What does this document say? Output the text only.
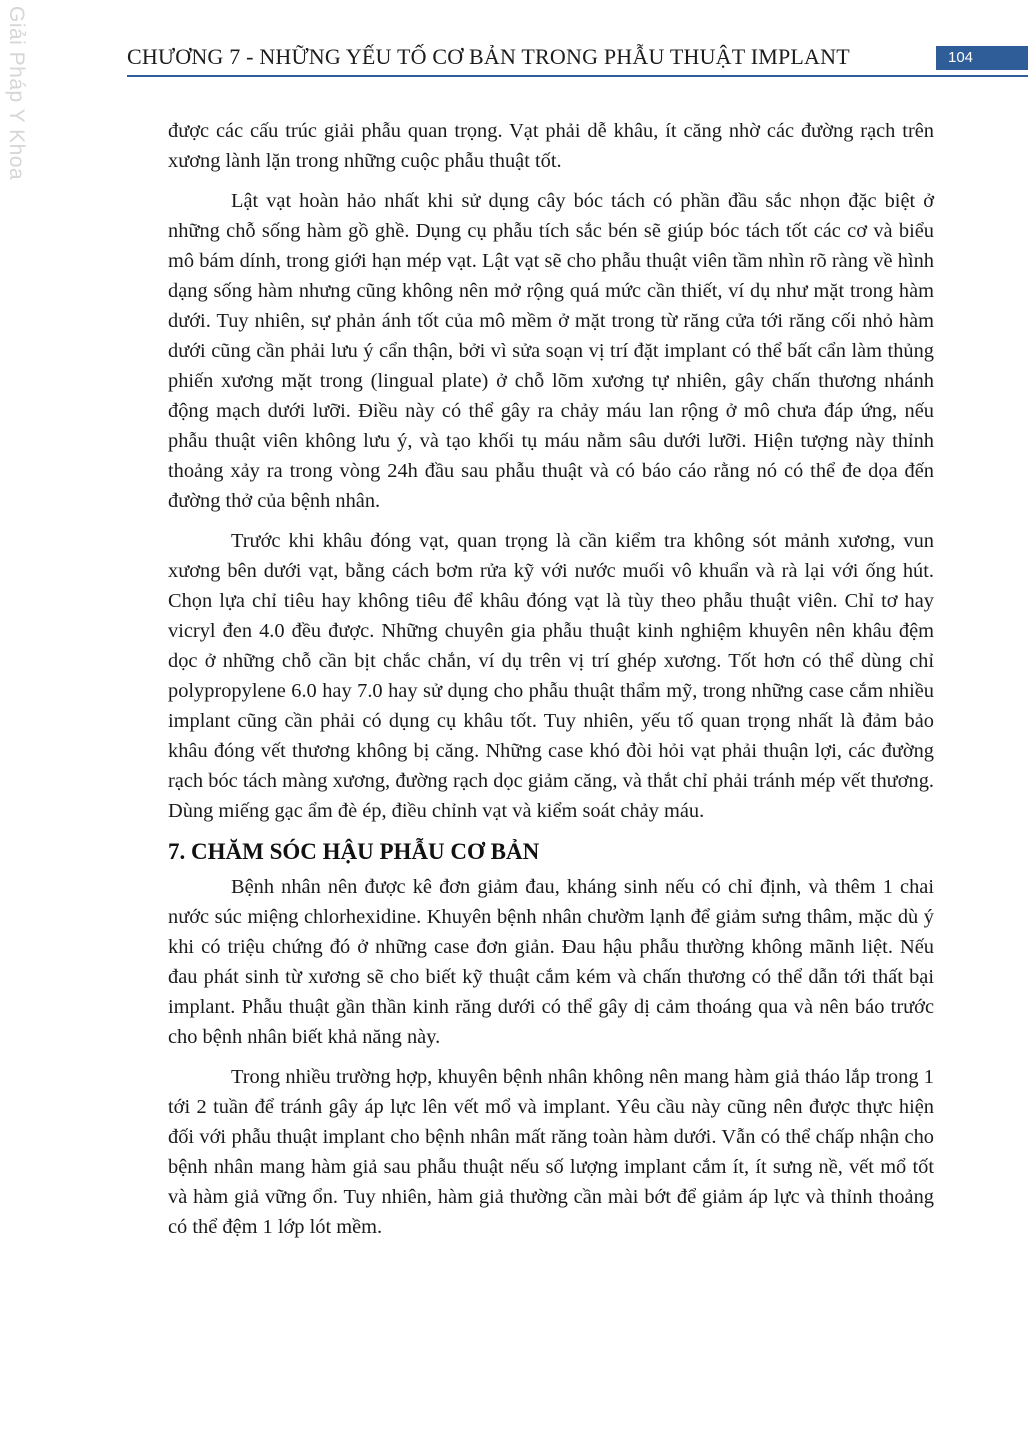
Giải Pháp Y Khoa	CHƯƠNG 7 - NHỮNG YẾU TỐ CƠ BẢN TRONG PHẪU THUẬT IMPLANT	104

được các cấu trúc giải phẫu quan trọng. Vạt phải dễ khâu, ít căng nhờ các đường rạch trên xương lành lặn trong những cuộc phẫu thuật tốt.

Lật vạt hoàn hảo nhất khi sử dụng cây bóc tách có phần đầu sắc nhọn đặc biệt ở những chỗ sống hàm gồ ghề. Dụng cụ phẫu tích sắc bén sẽ giúp bóc tách tốt các cơ và biểu mô bám dính, trong giới hạn mép vạt. Lật vạt sẽ cho phẫu thuật viên tầm nhìn rõ ràng về hình dạng sống hàm nhưng cũng không nên mở rộng quá mức cần thiết, ví dụ như mặt trong hàm dưới. Tuy nhiên, sự phản ánh tốt của mô mềm ở mặt trong từ răng cửa tới răng cối nhỏ hàm dưới cũng cần phải lưu ý cẩn thận, bởi vì sửa soạn vị trí đặt implant có thể bất cẩn làm thủng phiến xương mặt trong (lingual plate) ở chỗ lõm xương tự nhiên, gây chấn thương nhánh động mạch dưới lưỡi. Điều này có thể gây ra chảy máu lan rộng ở mô chưa đáp ứng, nếu phẫu thuật viên không lưu ý, và tạo khối tụ máu nằm sâu dưới lưỡi. Hiện tượng này thỉnh thoảng xảy ra trong vòng 24h đầu sau phẫu thuật và có báo cáo rằng nó có thể đe dọa đến đường thở của bệnh nhân.

Trước khi khâu đóng vạt, quan trọng là cần kiểm tra không sót mảnh xương, vun xương bên dưới vạt, bằng cách bơm rửa kỹ với nước muối vô khuẩn và rà lại với ống hút. Chọn lựa chỉ tiêu hay không tiêu để khâu đóng vạt là tùy theo phẫu thuật viên. Chỉ tơ hay vicryl đen 4.0 đều được. Những chuyên gia phẫu thuật kinh nghiệm khuyên nên khâu đệm dọc ở những chỗ cần bịt chắc chắn, ví dụ trên vị trí ghép xương. Tốt hơn có thể dùng chỉ polypropylene 6.0 hay 7.0 hay sử dụng cho phẫu thuật thẩm mỹ, trong những case cắm nhiều implant cũng cần phải có dụng cụ khâu tốt. Tuy nhiên, yếu tố quan trọng nhất là đảm bảo khâu đóng vết thương không bị căng. Những case khó đòi hỏi vạt phải thuận lợi, các đường rạch bóc tách màng xương, đường rạch dọc giảm căng, và thắt chỉ phải tránh mép vết thương. Dùng miếng gạc ẩm đè ép, điều chỉnh vạt và kiểm soát chảy máu.

7. CHĂM SÓC HẬU PHẪU CƠ BẢN

Bệnh nhân nên được kê đơn giảm đau, kháng sinh nếu có chỉ định, và thêm 1 chai nước súc miệng chlorhexidine. Khuyên bệnh nhân chườm lạnh để giảm sưng thâm, mặc dù ý khi có triệu chứng đó ở những case đơn giản. Đau hậu phẫu thường không mãnh liệt. Nếu đau phát sinh từ xương sẽ cho biết kỹ thuật cắm kém và chấn thương có thể dẫn tới thất bại implant. Phẫu thuật gần thần kinh răng dưới có thể gây dị cảm thoáng qua và nên báo trước cho bệnh nhân biết khả năng này.

Trong nhiều trường hợp, khuyên bệnh nhân không nên mang hàm giả tháo lắp trong 1 tới 2 tuần để tránh gây áp lực lên vết mổ và implant. Yêu cầu này cũng nên được thực hiện đối với phẫu thuật implant cho bệnh nhân mất răng toàn hàm dưới. Vẫn có thể chấp nhận cho bệnh nhân mang hàm giả sau phẫu thuật nếu số lượng implant cắm ít, ít sưng nề, vết mổ tốt và hàm giả vững ổn. Tuy nhiên, hàm giả thường cần mài bớt để giảm áp lực và thỉnh thoảng có thể đệm 1 lớp lót mềm.
